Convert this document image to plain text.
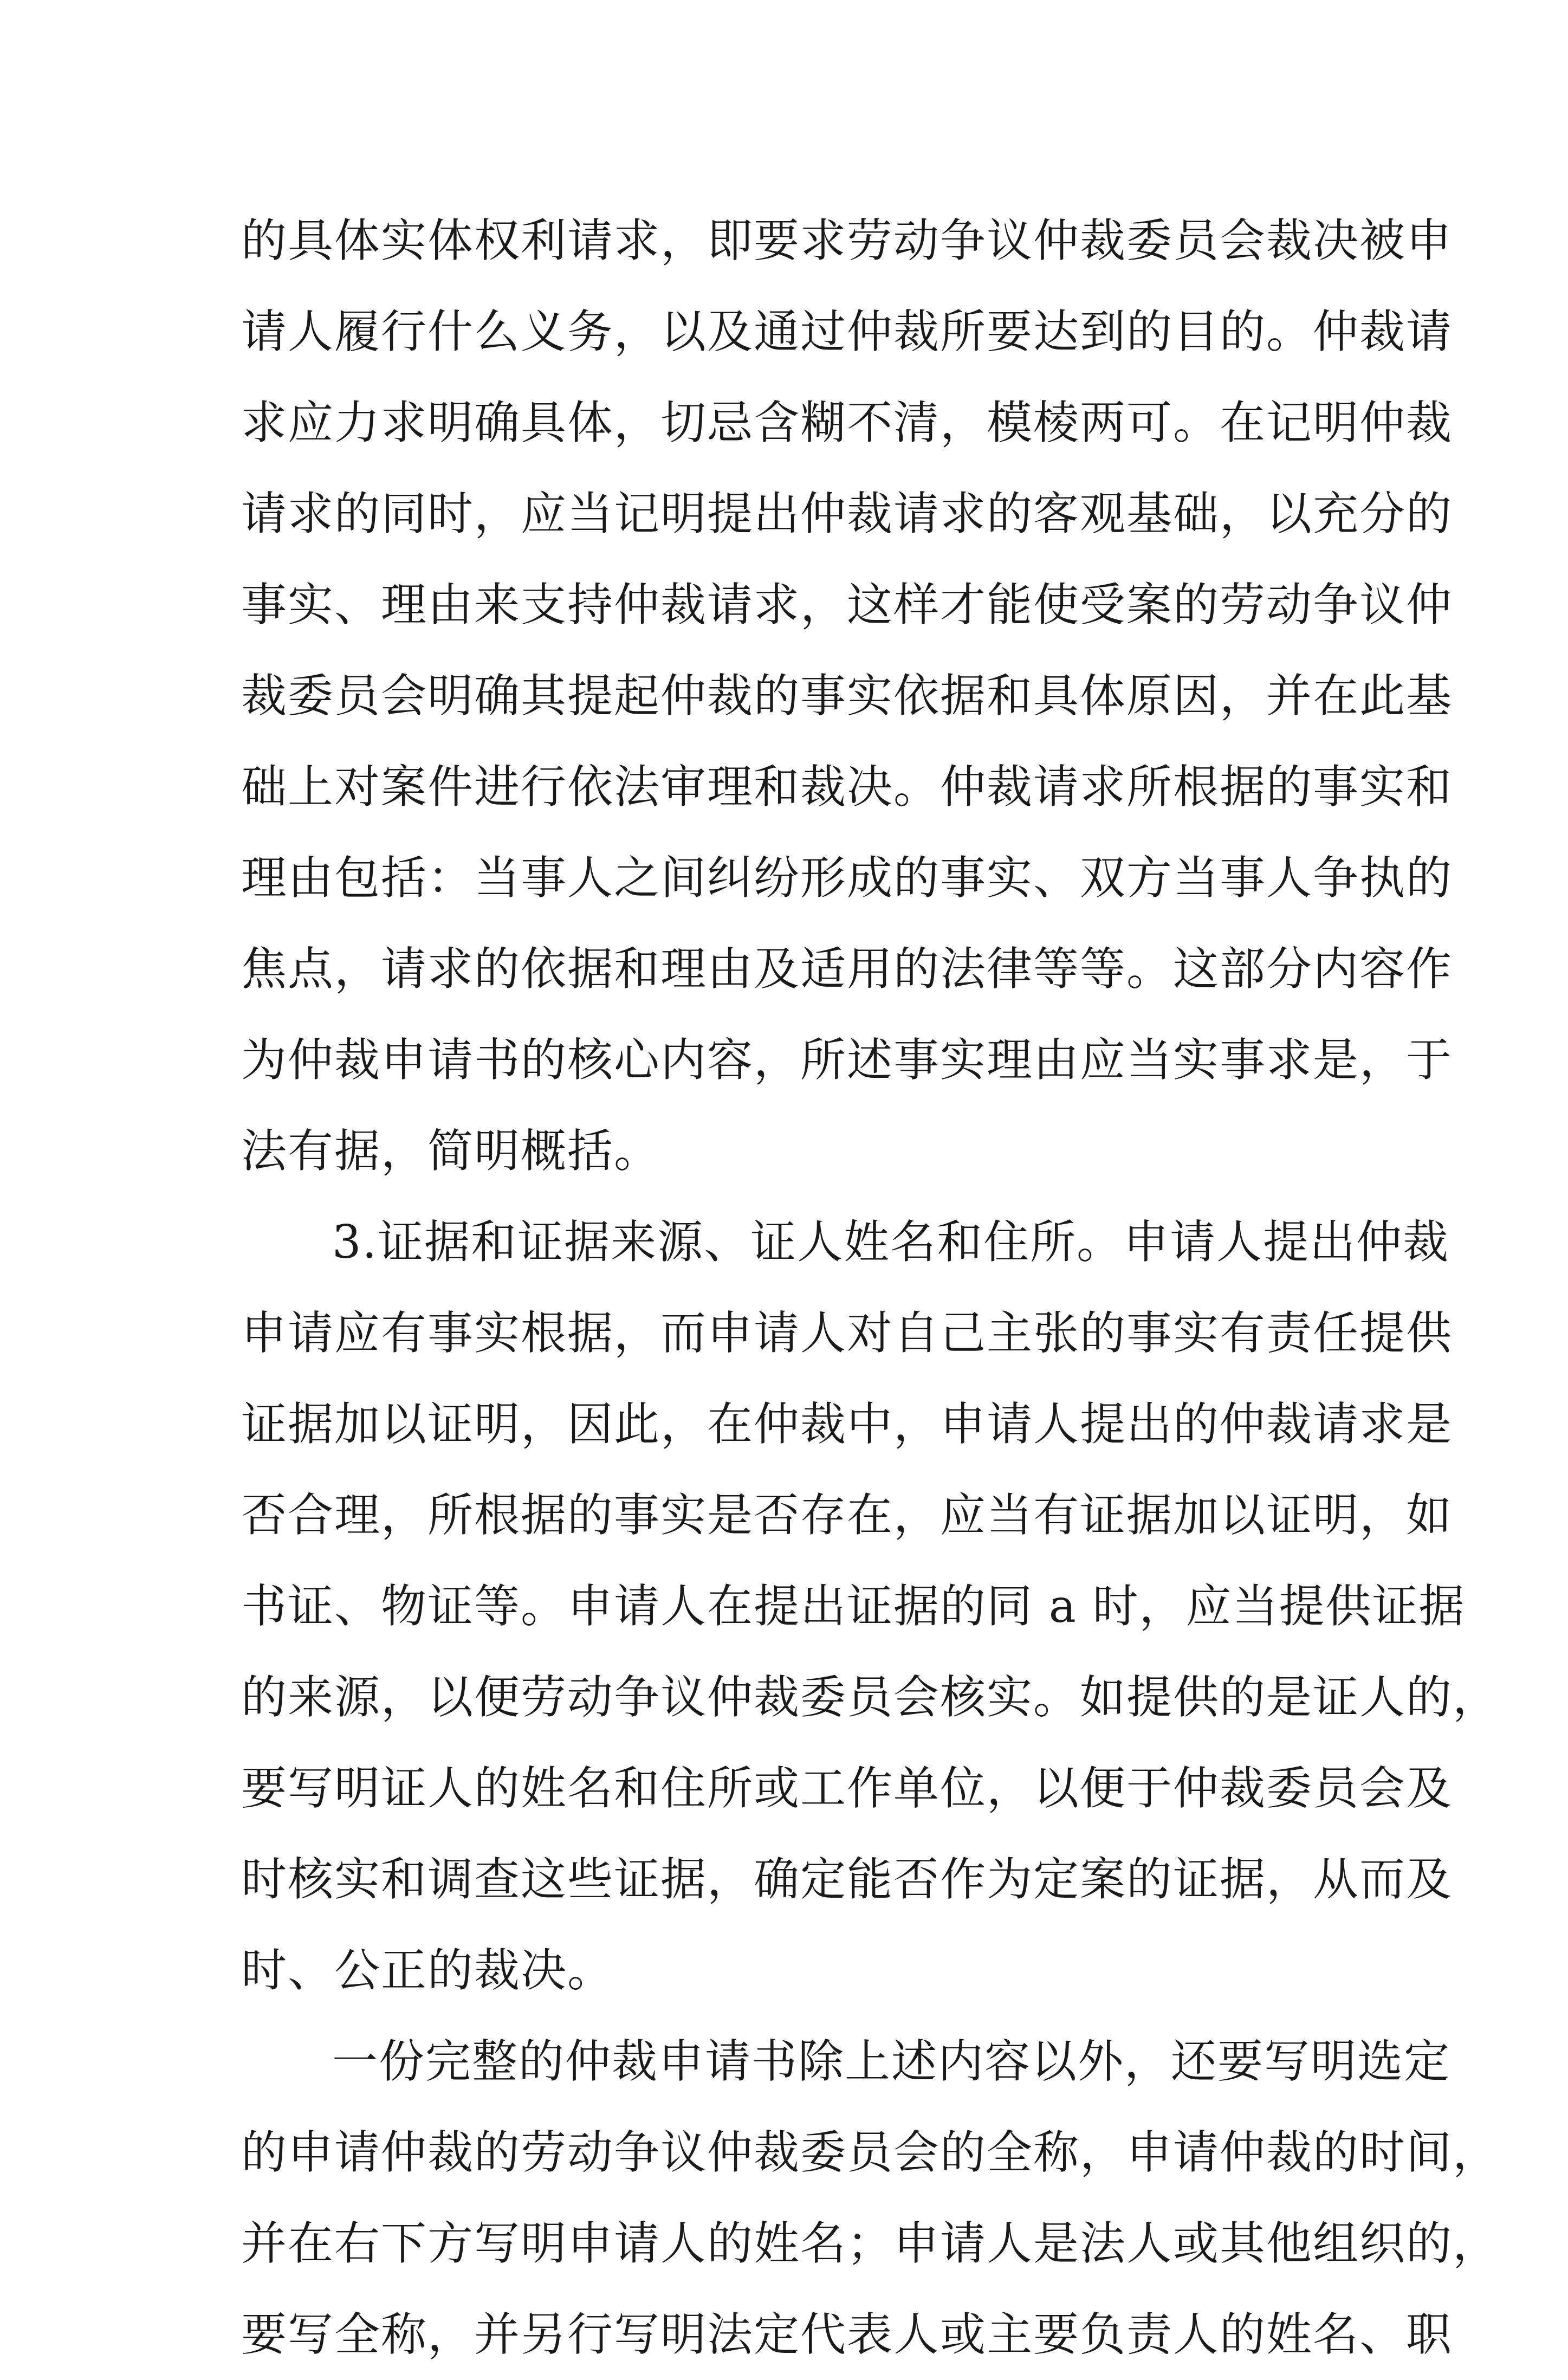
的具体实体权利请求，即要求劳动争议仲裁委员会裁决被申
请人履行什么义务，以及通过仲裁所要达到的目的。仲裁请
求应力求明确具体，切忌含糊不清，模棱两可。在记明仲裁
请求的同时，应当记明提出仲裁请求的客观基础，以充分的
事实、理由来支持仲裁请求，这样才能使受案的劳动争议仲
裁委员会明确其提起仲裁的事实依据和具体原因，并在此基
础上对案件进行依法审理和裁决。仲裁请求所根据的事实和
理由包括：当事人之间纠纷形成的事实、双方当事人争执的
焦点，请求的依据和理由及适用的法律等等。这部分内容作
为仲裁申请书的核心内容，所述事实理由应当实事求是，于
法有据，简明概括。
3.证据和证据来源、证人姓名和住所。申请人提出仲裁
申请应有事实根据，而申请人对自己主张的事实有责任提供
证据加以证明，因此，在仲裁中，申请人提出的仲裁请求是
否合理，所根据的事实是否存在，应当有证据加以证明，如
书证、物证等。申请人在提出证据的同 a 时，应当提供证据
的来源，以便劳动争议仲裁委员会核实。如提供的是证人的，
要写明证人的姓名和住所或工作单位，以便于仲裁委员会及
时核实和调查这些证据，确定能否作为定案的证据，从而及
时、公正的裁决。
一份完整的仲裁申请书除上述内容以外，还要写明选定
的申请仲裁的劳动争议仲裁委员会的全称，申请仲裁的时间，
并在右下方写明申请人的姓名；申请人是法人或其他组织的，
要写全称，并另行写明法定代表人或主要负责人的姓名、职
